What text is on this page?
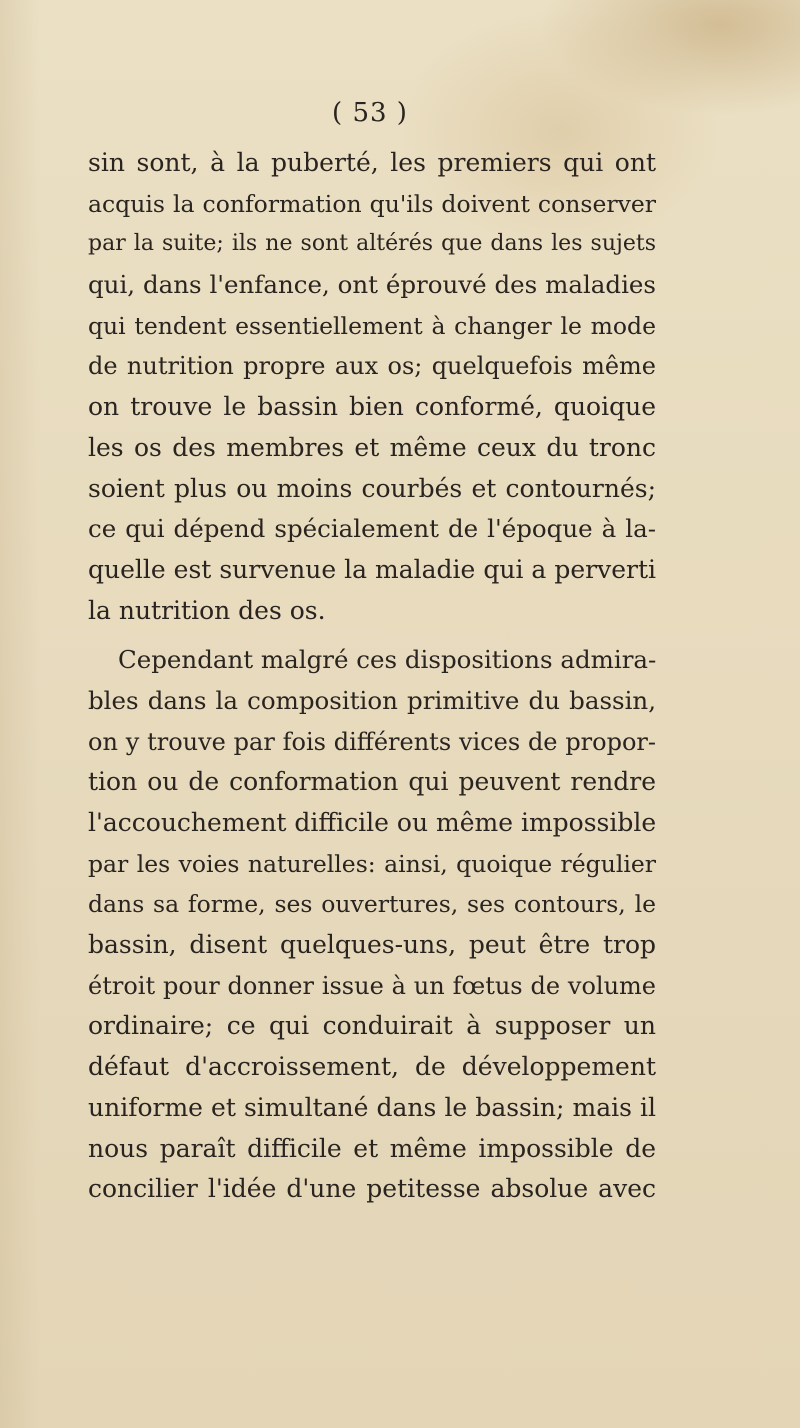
( 53 )
sin sont, à la puberté, les premiers qui ont
acquis la conformation qu'ils doivent conserver
par la suite; ils ne sont altérés que dans les sujets
qui, dans l'enfance, ont éprouvé des maladies
qui tendent essentiellement à changer le mode
de nutrition propre aux os; quelquefois même
on trouve le bassin bien conformé, quoique
les os des membres et même ceux du tronc
soient plus ou moins courbés et contournés;
ce qui dépend spécialement de l'époque à la-
quelle est survenue la maladie qui a perverti
la nutrition des os.
Cependant malgré ces dispositions admira-
bles dans la composition primitive du bassin,
on y trouve par fois différents vices de propor-
tion ou de conformation qui peuvent rendre
l'accouchement difficile ou même impossible
par les voies naturelles: ainsi, quoique régulier
dans sa forme, ses ouvertures, ses contours, le
bassin, disent quelques-uns, peut être trop
étroit pour donner issue à un fœtus de volume
ordinaire; ce qui conduirait à supposer un
défaut d'accroissement, de développement
uniforme et simultané dans le bassin; mais il
nous paraît difficile et même impossible de
concilier l'idée d'une petitesse absolue avec
